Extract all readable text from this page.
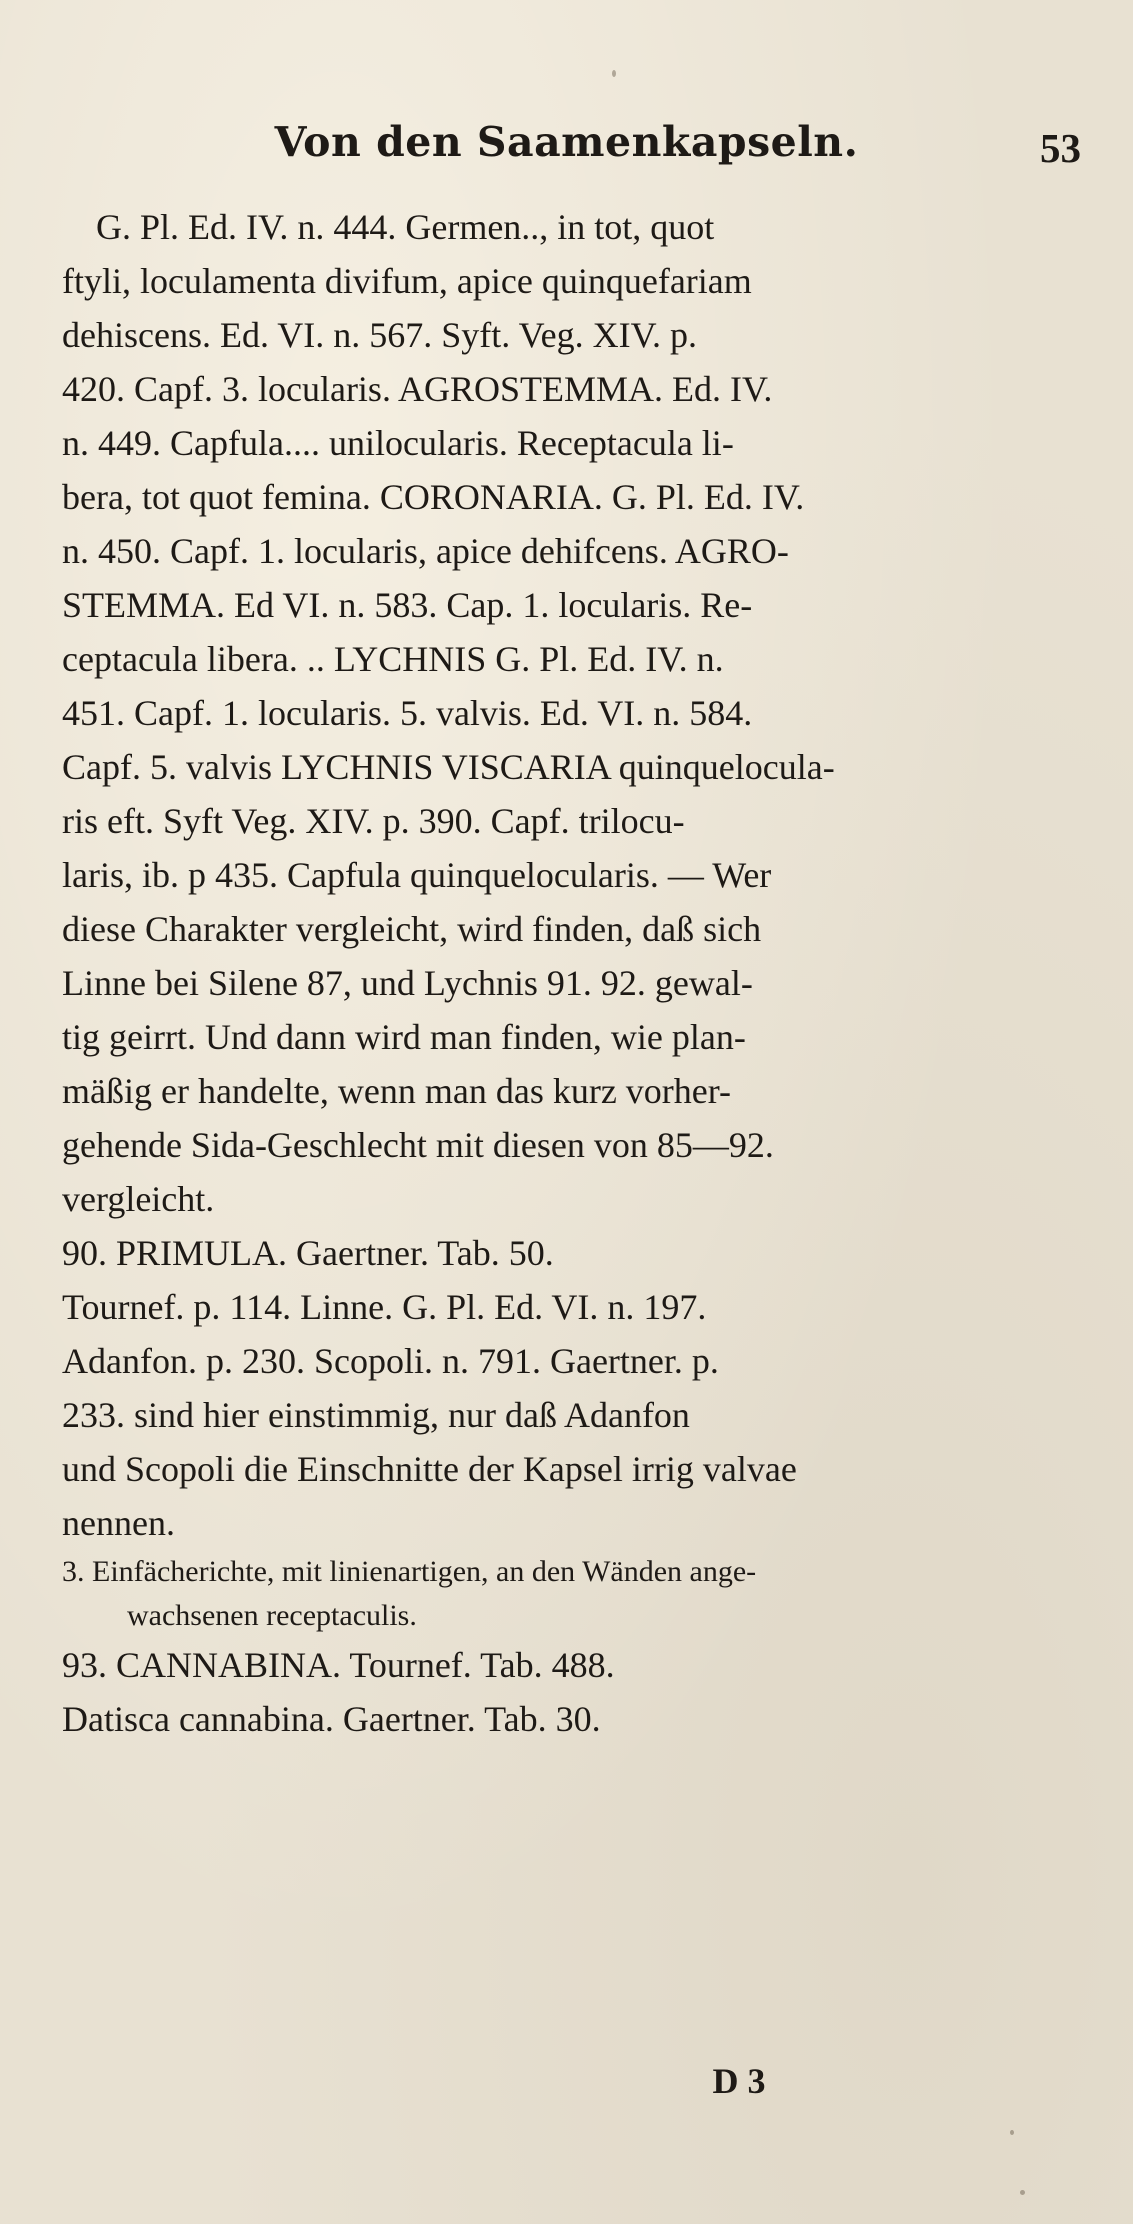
Von den Saamenkapseln.	53
G. Pl. Ed. IV. n. 444. Germen.., in tot, quot
ftyli, loculamenta divifum, apice quinquefariam
dehiscens. Ed. VI. n. 567. Syft. Veg. XIV. p.
420. Capf. 3. locularis. AGROSTEMMA. Ed. IV.
n. 449. Capfula.... unilocularis. Receptacula li-
bera, tot quot femina. CORONARIA. G. Pl. Ed. IV.
n. 450. Capf. 1. locularis, apice dehifcens. AGRO-
STEMMA. Ed VI. n. 583. Cap. 1. locularis. Re-
ceptacula libera. .. LYCHNIS G. Pl. Ed. IV. n.
451. Capf. 1. locularis. 5. valvis. Ed. VI. n. 584.
Capf. 5. valvis LYCHNIS VISCARIA quinquelocula-
ris eft. Syft Veg. XIV. p. 390. Capf. trilocu-
laris, ib. p 435. Capfula quinquelocularis. — Wer
diese Charakter vergleicht, wird finden, daß sich
Linne bei Silene 87, und Lychnis 91. 92. gewal-
tig geirrt. Und dann wird man finden, wie plan-
mäßig er handelte, wenn man das kurz vorher-
gehende Sida-Geschlecht mit diesen von 85—92.
vergleicht.
90. PRIMULA. Gaertner. Tab. 50.
Tournef. p. 114. Linne. G. Pl. Ed. VI. n. 197.
Adanfon. p. 230. Scopoli. n. 791. Gaertner. p.
233. sind hier einstimmig, nur daß Adanfon
und Scopoli die Einschnitte der Kapsel irrig valvae
nennen.
3. Einfächerichte, mit linienartigen, an den Wänden ange-
wachsenen receptaculis.
93. CANNABINA. Tournef. Tab. 488.
Datisca cannabina. Gaertner. Tab. 30.
D 3
